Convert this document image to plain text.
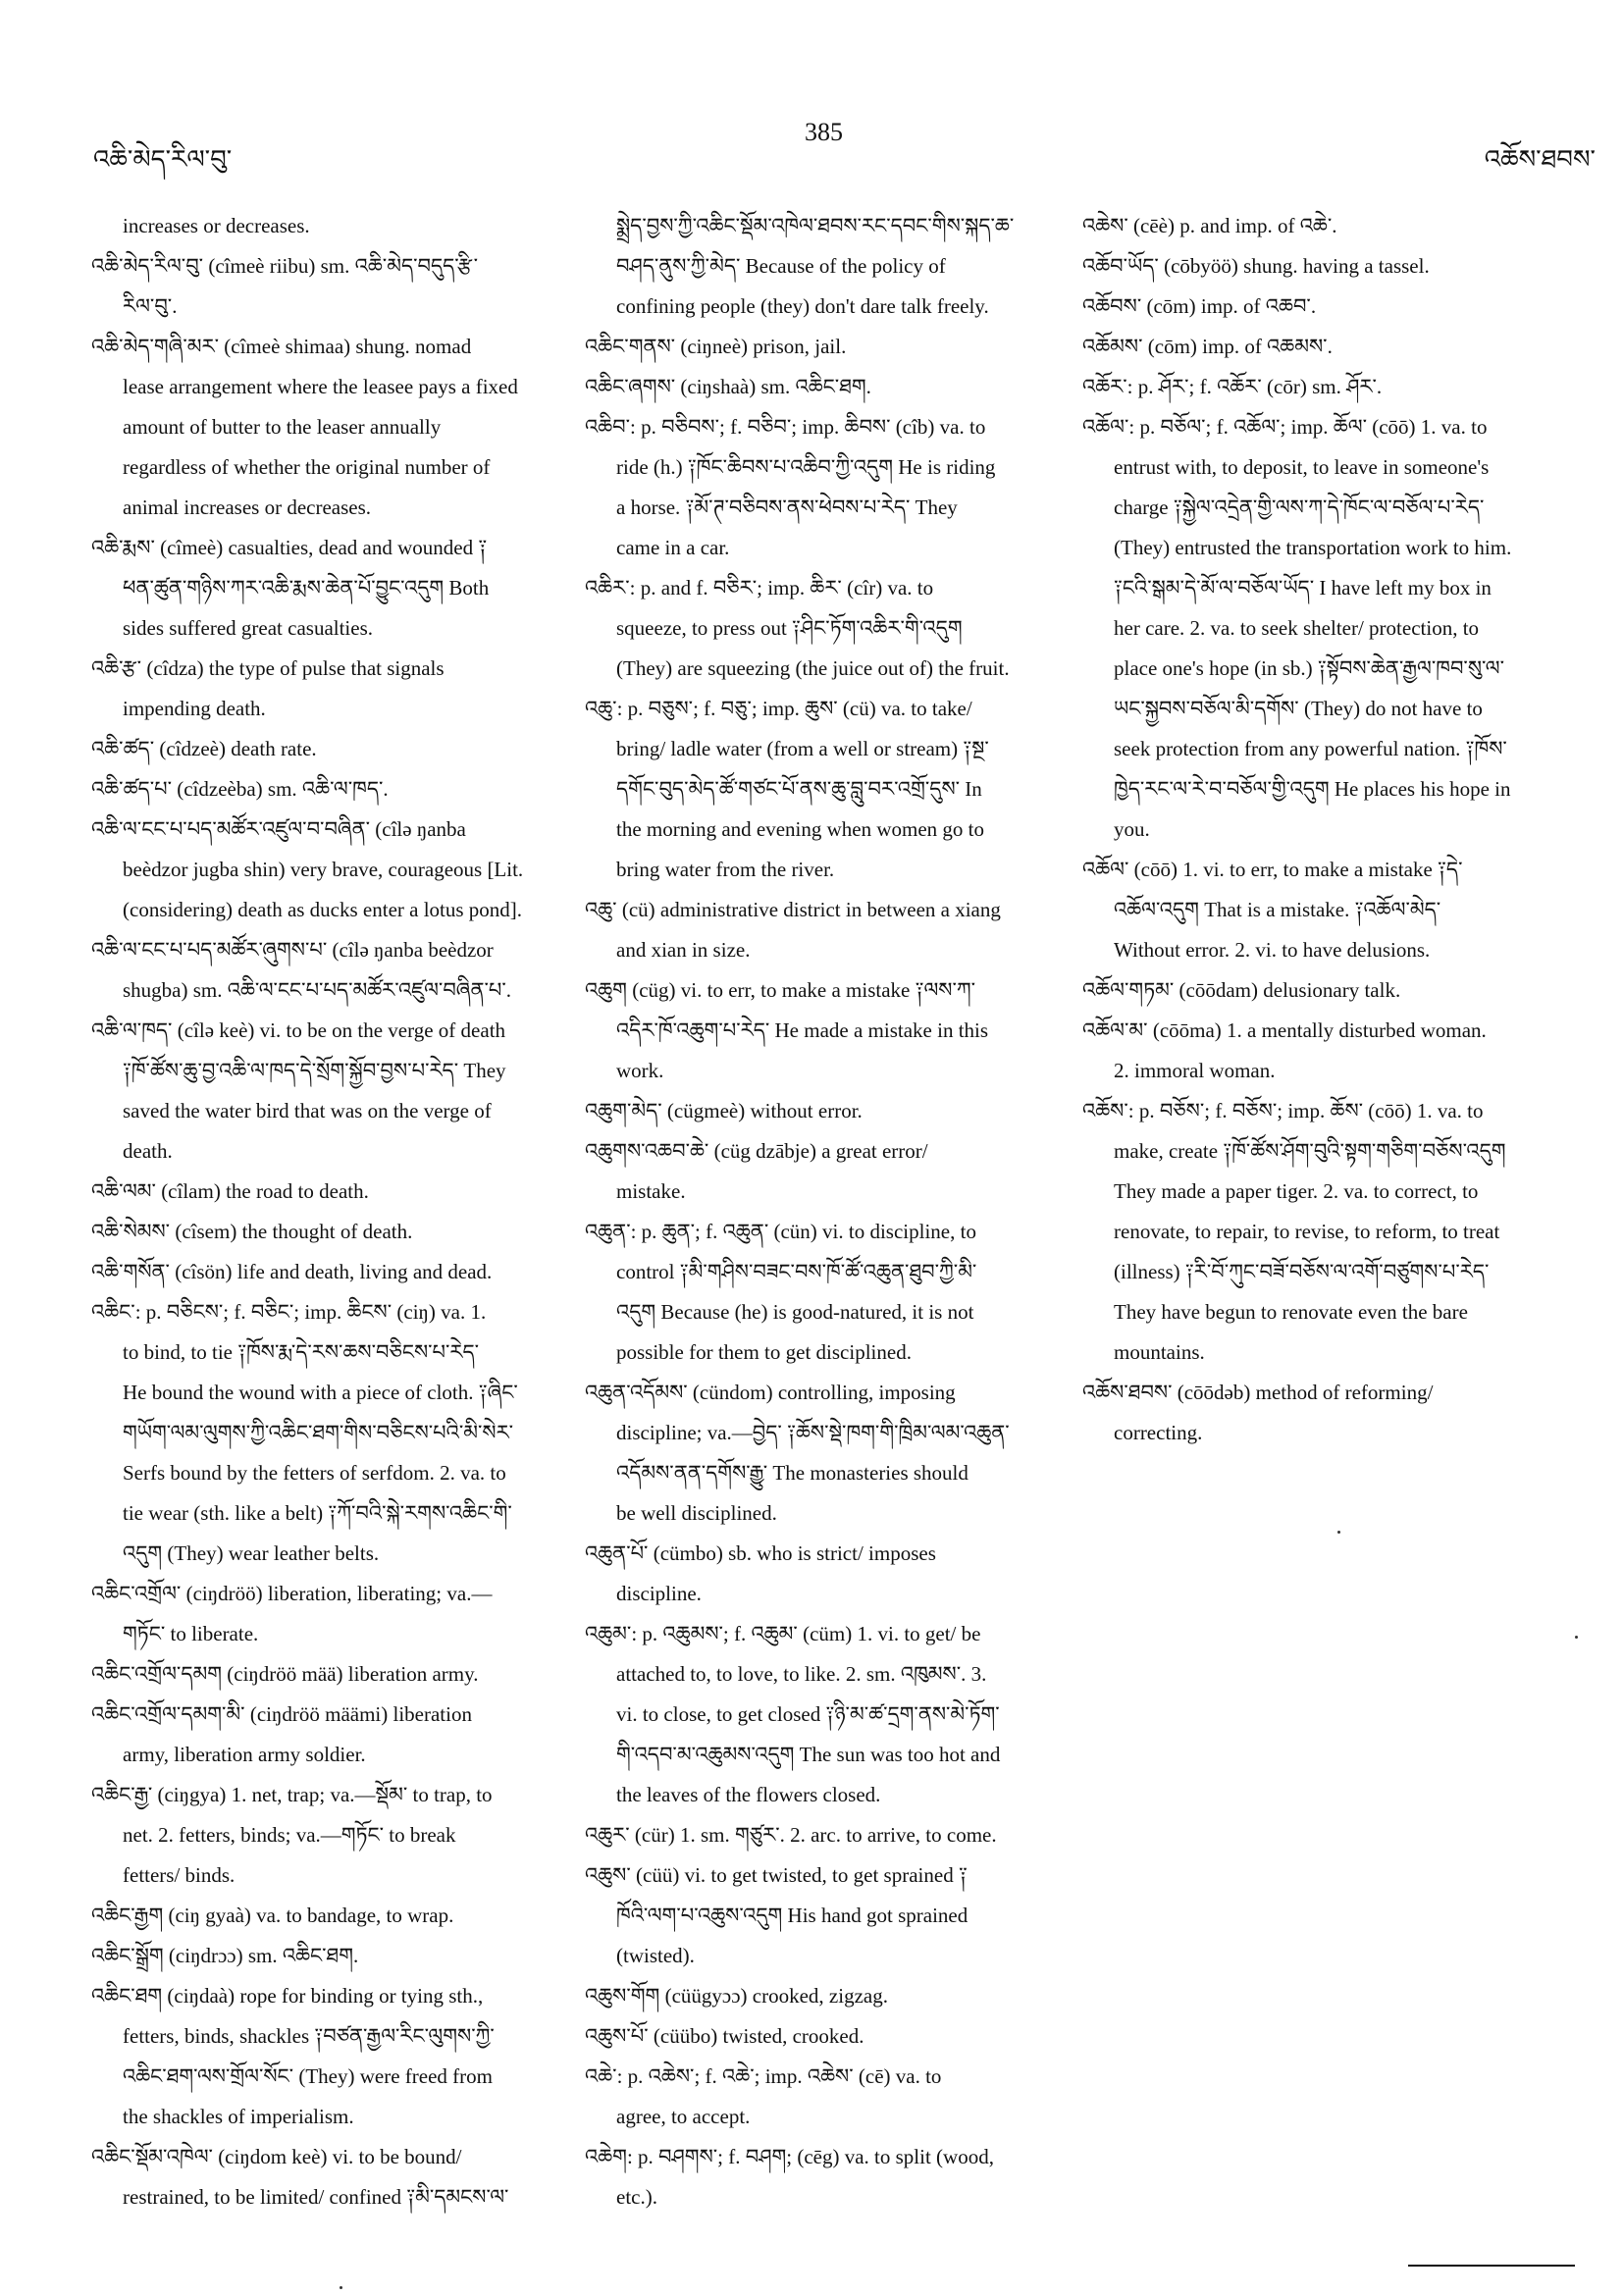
འཆི་མེད་རིལ་བུ་
385
འཆོས་ཐབས་
increases or decreases.
འཆི་མེད་རིལ་བུ་ (cîmeè riibu) sm. འཆི་མེད་བདུད་རྩི་
རིལ་བུ་.
འཆི་མེད་གཞི་མར་ (cîmeè shimaa) shung. nomad
lease arrangement where the leasee pays a fixed
amount of butter to the leaser annually
regardless of whether the original number of
animal increases or decreases.
འཆི་རྨས་ (cîmeè) casualties, dead and wounded ༑
ཕན་ཚུན་གཉིས་ཀར་འཆི་རྨས་ཆེན་པོ་བྱུང་འདུག Both
sides suffered great casualties.
འཆི་རྩ་ (cîdza) the type of pulse that signals
impending death.
འཆི་ཚད་ (cîdzeè) death rate.
འཆི་ཚད་པ་ (cîdzeèba) sm. འཆི་ལ་ཁད་.
འཆི་ལ་ངང་པ་པད་མཚོར་འཛུལ་བ་བཞིན་ (cîlə ŋanba
beèdzor jugba shin) very brave, courageous [Lit.
(considering) death as ducks enter a lotus pond].
འཆི་ལ་ངང་པ་པད་མཚོར་ཞུགས་པ་ (cîlə ŋanba beèdzor
shugba) sm. འཆི་ལ་ངང་པ་པད་མཚོར་འཛུལ་བཞིན་པ་.
འཆི་ལ་ཁད་ (cîlə keè) vi. to be on the verge of death
༑ཁོ་ཚོས་ཆུ་བྱ་འཆི་ལ་ཁད་དེ་སྲོག་སྐྱོབ་བྱས་པ་རེད་ They
saved the water bird that was on the verge of
death.
འཆི་ལམ་ (cîlam) the road to death.
འཆི་སེམས་ (cîsem) the thought of death.
འཆི་གསོན་ (cîsön) life and death, living and dead.
འཆིང་: p. བཅིངས་; f. བཅིང་; imp. ཆིངས་ (ciŋ) va. 1.
to bind, to tie ༑ཁོས་རྨ་དེ་རས་ཆས་བཅིངས་པ་རེད་
He bound the wound with a piece of cloth. ༑ཞིང་
གཡོག་ལམ་ལུགས་ཀྱི་འཆིང་ཐག་གིས་བཅིངས་པའི་མི་སེར་
Serfs bound by the fetters of serfdom. 2. va. to
tie wear (sth. like a belt) ༑ཀོ་བའི་སྐེ་རགས་འཆིང་གི་
འདུག (They) wear leather belts.
འཆིང་འགྲོལ་ (ciŋdröö) liberation, liberating; va.—
གཏོང་ to liberate.
འཆིང་འགྲོལ་དམག (ciŋdröö mää) liberation army.
འཆིང་འགྲོལ་དམག་མི་ (ciŋdröö määmi) liberation
army, liberation army soldier.
འཆིང་རྒྱ་ (ciŋgya) 1. net, trap; va.—སྡོམ་ to trap, to
net. 2. fetters, binds; va.—གཏོང་ to break
fetters/ binds.
འཆིང་རྒྱག (ciŋ gyaà) va. to bandage, to wrap.
འཆིང་སྒྲོག (ciŋdrɔɔ) sm. འཆིང་ཐག.
འཆིང་ཐག (ciŋdaà) rope for binding or tying sth.,
fetters, binds, shackles ༑བཙན་རྒྱལ་རིང་ལུགས་ཀྱི་
འཆིང་ཐག་ལས་གྲོལ་སོང་ (They) were freed from
the shackles of imperialism.
འཆིང་སྡོམ་འཁེལ་ (ciŋdom keè) vi. to be bound/
restrained, to be limited/ confined ༑མི་དམངས་ལ་
སྨྲེད་བྱས་ཀྱི་འཆིང་སྡོམ་འཁེལ་ཐབས་རང་དབང་གིས་སྐད་ཆ་
བཤད་ནུས་ཀྱི་མེད་ Because of the policy of
confining people (they) don't dare talk freely.
འཆིང་གནས་ (ciŋneè) prison, jail.
འཆིང་ཞགས་ (ciŋshaà) sm. འཆིང་ཐག.
འཆིབ་: p. བཅིབས་; f. བཅིབ་; imp. ཆིབས་ (cîb) va. to
ride (h.) ༑ཁོང་ཆིབས་པ་འཆིབ་ཀྱི་འདུག He is riding
a horse. ༑མོ་ཊ་བཅིབས་ནས་ཕེབས་པ་རེད་ They
came in a car.
འཆིར་: p. and f. བཅིར་; imp. ཆིར་ (cîr) va. to
squeeze, to press out ༑ཤིང་ཏོག་འཆིར་གི་འདུག
(They) are squeezing (the juice out of) the fruit.
འཆུ་: p. བཅུས་; f. བཅུ་; imp. ཆུས་ (cü) va. to take/
bring/ ladle water (from a well or stream) ༑སྔ་
དགོང་བུད་མེད་ཚོ་གཙང་པོ་ནས་ཆུ་བླུ་བར་འགྲོ་དུས་ In
the morning and evening when women go to
bring water from the river.
འཆུ་ (cü) administrative district in between a xiang
and xian in size.
འཆུག (cüg) vi. to err, to make a mistake ༑ལས་ཀ་
འདིར་ཁོ་འཆུག་པ་རེད་ He made a mistake in this
work.
འཆུག་མེད་ (cügmeè) without error.
འཆུགས་འཆབ་ཆེ་ (cüg dzābje) a great error/
mistake.
འཆུན་: p. ཆུན་; f. འཆུན་ (cün) vi. to discipline, to
control ༑མི་གཤིས་བཟང་བས་ཁོ་ཚོ་འཆུན་ཐུབ་ཀྱི་མི་
འདུག Because (he) is good-natured, it is not
possible for them to get disciplined.
འཆུན་འདོམས་ (cündom) controlling, imposing
discipline; va.—བྱེད་ ༑ཆོས་སྡེ་ཁག་གི་ཁྲིམ་ལམ་འཆུན་
འདོམས་ནན་དགོས་རྒྱུ་ The monasteries should
be well disciplined.
འཆུན་པོ་ (cümbo) sb. who is strict/ imposes
discipline.
འཆུམ་: p. འཆུམས་; f. འཆུམ་ (cüm) 1. vi. to get/ be
attached to, to love, to like. 2. sm. འཁུམས་. 3.
vi. to close, to get closed ༑ཉི་མ་ཚ་དྲག་ནས་མེ་ཏོག་
གི་འདབ་མ་འཆུམས་འདུག The sun was too hot and
the leaves of the flowers closed.
འཆུར་ (cür) 1. sm. གཙུར་. 2. arc. to arrive, to come.
འཆུས་ (cüü) vi. to get twisted, to get sprained ༑
ཁོའི་ལག་པ་འཆུས་འདུག His hand got sprained
(twisted).
འཆུས་གོག (cüügyɔɔ) crooked, zigzag.
འཆུས་པོ་ (cüübo) twisted, crooked.
འཆེ་: p. འཆེས་; f. འཆེ་; imp. འཆེས་ (cē) va. to
agree, to accept.
འཆེག: p. བཤགས་; f. བཤག; (cēg) va. to split (wood,
etc.).
འཆེས་ (cēè) p. and imp. of འཆེ་.
འཆོབ་ཡོད་ (cōbyöö) shung. having a tassel.
འཆོབས་ (cōm) imp. of འཆབ་.
འཆོམས་ (cōm) imp. of འཆམས་.
འཆོར་: p. ཤོར་; f. འཆོར་ (cōr) sm. ཤོར་.
འཆོལ་: p. བཅོལ་; f. འཆོལ་; imp. ཆོལ་ (cōō) 1. va. to
entrust with, to deposit, to leave in someone's
charge ༑སྐྱེལ་འདྲེན་གྱི་ལས་ཀ་དེ་ཁོང་ལ་བཅོལ་པ་རེད་
(They) entrusted the transportation work to him.
༑ངའི་སྒམ་དེ་མོ་ལ་བཅོལ་ཡོད་ I have left my box in
her care. 2. va. to seek shelter/ protection, to
place one's hope (in sb.) ༑སྟོབས་ཆེན་རྒྱལ་ཁབ་སུ་ལ་
ཡང་སྐྱབས་བཅོལ་མི་དགོས་ (They) do not have to
seek protection from any powerful nation. ༑ཁོས་
ཁྱེད་རང་ལ་རེ་བ་བཅོལ་གྱི་འདུག He places his hope in
you.
འཆོལ་ (cōō) 1. vi. to err, to make a mistake ༑དེ་
འཆོལ་འདུག That is a mistake. ༑འཆོལ་མེད་
Without error. 2. vi. to have delusions.
འཆོལ་གཏམ་ (cōōdam) delusionary talk.
འཆོལ་མ་ (cōōma) 1. a mentally disturbed woman.
2. immoral woman.
འཆོས་: p. བཅོས་; f. བཅོས་; imp. ཆོས་ (cōō) 1. va. to
make, create ༑ཁོ་ཚོས་ཤོག་བུའི་སྟག་གཅིག་བཅོས་འདུག
They made a paper tiger. 2. va. to correct, to
renovate, to repair, to revise, to reform, to treat
(illness) ༑རི་བོ་ཀུང་བཟོ་བཅོས་ལ་འགོ་བཙུགས་པ་རེད་
They have begun to renovate even the bare
mountains.
འཆོས་ཐབས་ (cōōdəb) method of reforming/
correcting.
